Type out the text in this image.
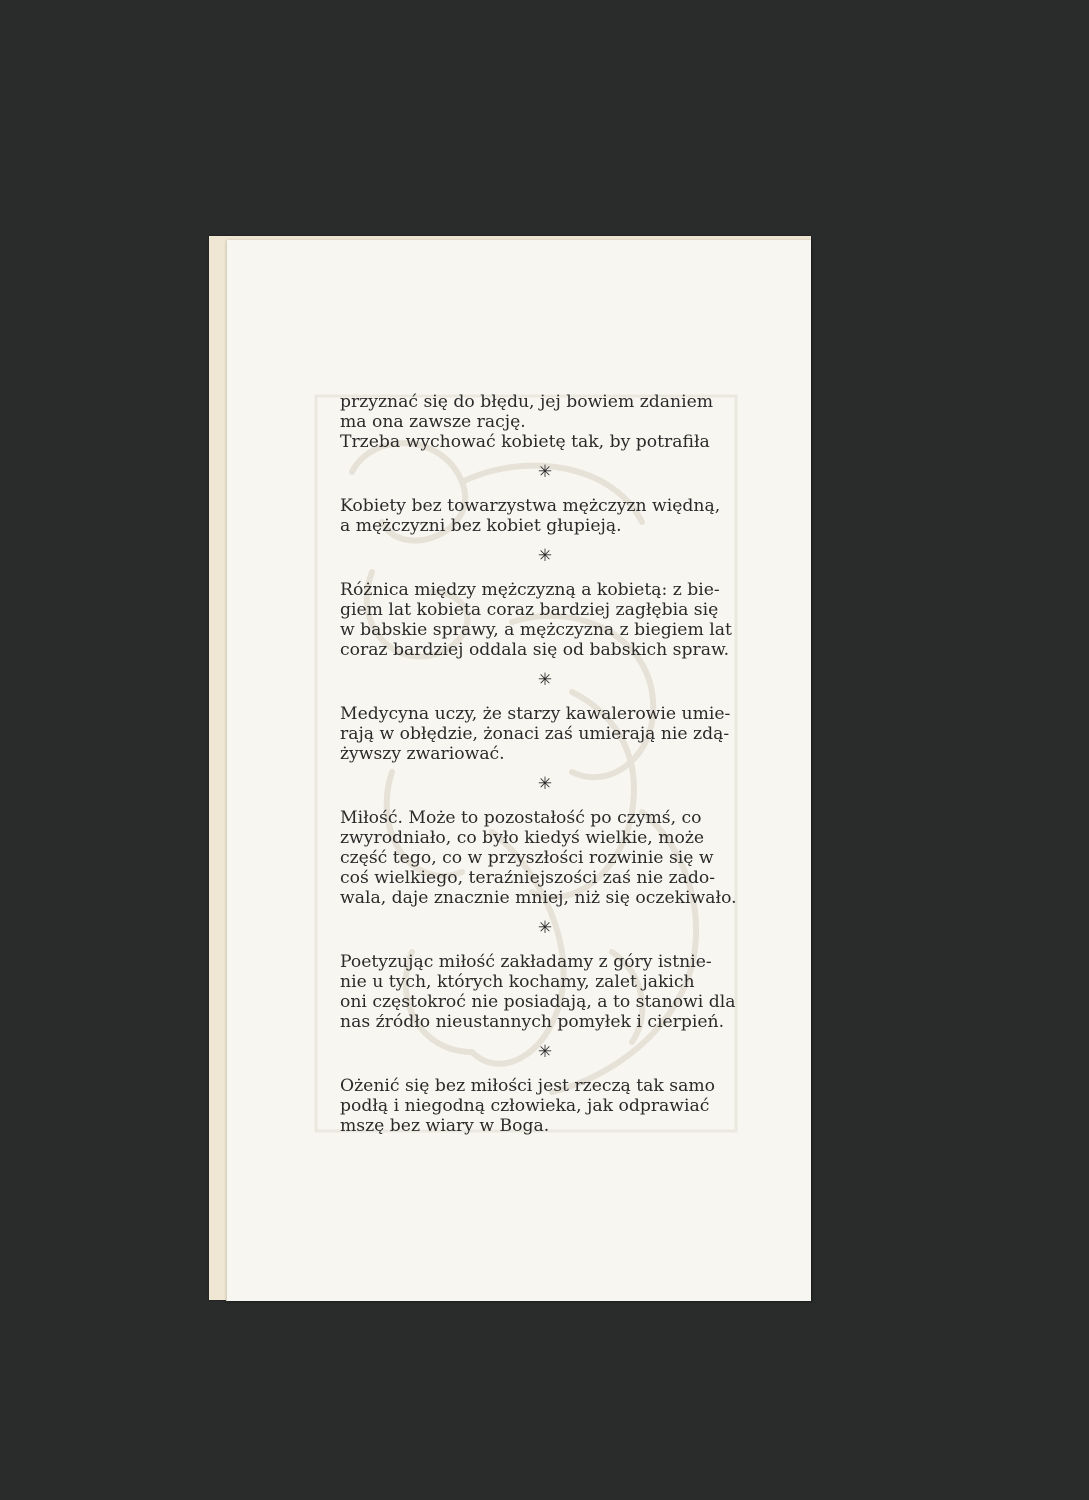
przyznać się do błędu, jej bowiem zdaniem
ma ona zawsze rację.
Trzeba wychować kobietę tak, by potrafiła

✳

Kobiety bez towarzystwa mężczyzn więdną,
a mężczyzni bez kobiet głupieją.

✳

Różnica między mężczyzną a kobietą: z bie-
giem lat kobieta coraz bardziej zagłębia się
w babskie sprawy, a mężczyzna z biegiem lat
coraz bardziej oddala się od babskich spraw.

✳

Medycyna uczy, że starzy kawalerowie umie-
rają w obłędzie, żonaci zaś umierają nie zdą-
żywszy zwariować.

✳

Miłość. Może to pozostałość po czymś, co
zwyrodniało, co było kiedyś wielkie, może
część tego, co w przyszłości rozwinie się w
coś wielkiego, teraźniejszości zaś nie zado-
wala, daje znacznie mniej, niż się oczekiwało.

✳

Poetyzując miłość zakładamy z góry istnie-
nie u tych, których kochamy, zalet jakich
oni częstokroć nie posiadają, a to stanowi dla
nas źródło nieustannych pomyłek i cierpień.

✳

Ożenić się bez miłości jest rzeczą tak samo
podłą i niegodną człowieka, jak odprawiać
mszę bez wiary w Boga.
